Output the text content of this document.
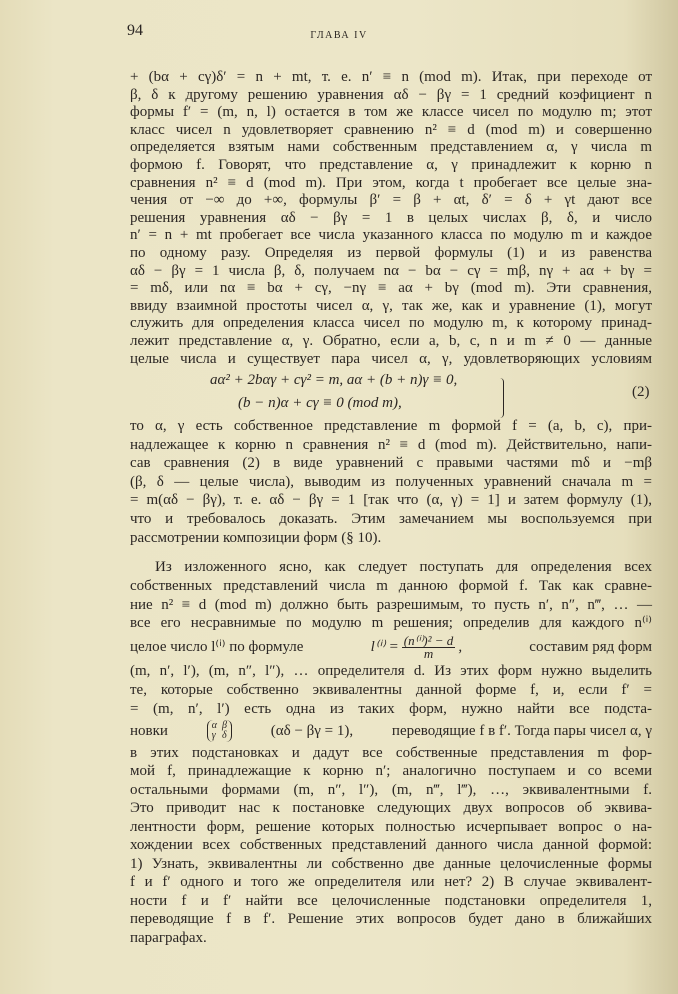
94	ГЛАВА IV
+ (bα + cγ)δ′ = n + mt, т. е. n′ ≡ n (mod m). Итак, при переходе от
β, δ к другому решению уравнения αδ − βγ = 1 средний коэфициент n
формы f′ = (m, n, l) остается в том же классе чисел по модулю m; этот
класс чисел n удовлетворяет сравнению n² ≡ d (mod m) и совершенно
определяется взятым нами собственным представлением α, γ числа m
формою f. Говорят, что представление α, γ принадлежит к корню n
сравнения n² ≡ d (mod m). При этом, когда t пробегает все целые зна-
чения от −∞ до +∞, формулы β′ = β + αt, δ′ = δ + γt дают все
решения уравнения αδ − βγ = 1 в целых числах β, δ, и число
n′ = n + mt пробегает все числа указанного класса по модулю m и каждое
по одному разу. Определяя из первой формулы (1) и из равенства
αδ − βγ = 1 числа β, δ, получаем nα − bα − cγ = mβ, nγ + aα + bγ =
= mδ, или nα ≡ bα + cγ, −nγ ≡ aα + bγ (mod m). Эти сравнения,
ввиду взаимной простоты чисел α, γ, так же, как и уравнение (1), могут
служить для определения класса чисел по модулю m, к которому принад-
лежит представление α, γ. Обратно, если a, b, c, n и m ≠ 0 — данные
целые числа и существует пара чисел α, γ, удовлетворяющих условиям
то α, γ есть собственное представление m формой f = (a, b, c), при-
надлежащее к корню n сравнения n² ≡ d (mod m). Действительно, напи-
сав сравнения (2) в виде уравнений с правыми частями mδ и −mβ
(β, δ — целые числа), выводим из полученных уравнений сначала m =
= m(αδ − βγ), т. е. αδ − βγ = 1 [так что (α, γ) = 1] и затем формулу (1),
что и требовалось доказать. Этим замечанием мы воспользуемся при
рассмотрении композиции форм (§ 10).
Из изложенного ясно, как следует поступать для определения всех
собственных представлений числа m данною формой f. Так как сравне-
ние n² ≡ d (mod m) должно быть разрешимым, то пусть n′, n″, n‴, … —
все его несравнимые по модулю m решения; определив для каждого n⁽ⁱ⁾
(m, n′, l′), (m, n″, l″), … определителя d. Из этих форм нужно выделить
те, которые собственно эквивалентны данной форме f, и, если f′ =
= (m, n′, l′) есть одна из таких форм, нужно найти все подста-
в этих подстановках и дадут все собственные представления m фор-
мой f, принадлежащие к корню n′; аналогично поступаем и со всеми
остальными формами (m, n″, l″), (m, n‴, l‴), …, эквивалентными f.
Это приводит нас к постановке следующих двух вопросов об эквива-
лентности форм, решение которых полностью исчерпывает вопрос о на-
хождении всех собственных представлений данного числа данной формой:
1) Узнать, эквивалентны ли собственно две данные целочисленные формы
f и f′ одного и того же определителя или нет? 2) В случае эквивалент-
ности f и f′ найти все целочисленные подстановки определителя 1,
переводящие f в f′. Решение этих вопросов будет дано в ближайших
параграфах.
aα² + 2bαγ + cγ² = m, aα + (b + n)γ ≡ 0,
(b − n)α + cγ ≡ 0 (mod m),
(2)
целое число l⁽ⁱ⁾ по формуле	$l^{(i)} = \frac{\text{(n⁽ⁱ⁾)² − d}}{m}$ ,	составим ряд форм
новки	α β
γ δ	(αδ − βγ = 1),	переводящие f в f′. Тогда пары чисел α, γ
